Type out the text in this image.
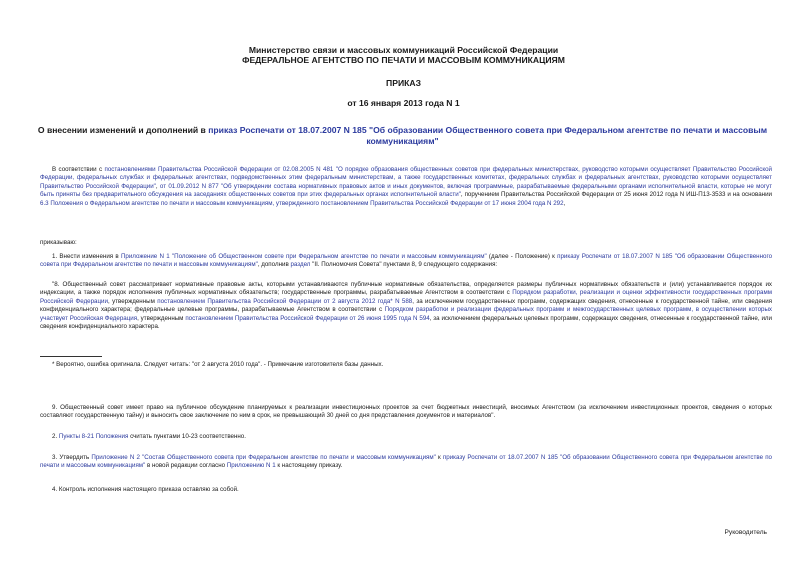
Министерство связи и массовых коммуникаций Российской Федерации
ФЕДЕРАЛЬНОЕ АГЕНТСТВО ПО ПЕЧАТИ И МАССОВЫМ КОММУНИКАЦИЯМ
ПРИКАЗ
от 16 января 2013 года N 1
О внесении изменений и дополнений в приказ Роспечати от 18.07.2007 N 185 "Об образовании Общественного совета при Федеральном агентстве по печати и массовым коммуникациям"
В соответствии с постановлениями Правительства Российской Федерации от 02.08.2005 N 481 "О порядке образования общественных советов при федеральных министерствах, руководство которыми осуществляет Правительство Российской Федерации, федеральных службах и федеральных агентствах, подведомственных этим федеральным министерствам, а также государственных комитетах, федеральных службах и федеральных агентствах, руководство которыми осуществляет Правительство Российской Федерации", от 01.09.2012 N 877 "Об утверждении состава нормативных правовых актов и иных документов, включая программные, разрабатываемые федеральными органами исполнительной власти, которые не могут быть приняты без предварительного обсуждения на заседаниях общественных советов при этих федеральных органах исполнительной власти", поручением Правительства Российской Федерации от 25 июня 2012 года N ИШ-П13-3533 и на основании 6.3 Положения о Федеральном агентстве по печати и массовым коммуникациям, утвержденного постановлением Правительства Российской Федерации от 17 июня 2004 года N 292,
приказываю:
1. Внести изменения в Приложение N 1 "Положение об Общественном совете при Федеральном агентстве по печати и массовым коммуникациям" (далее - Положение) к приказу Роспечати от 18.07.2007 N 185 "Об образовании Общественного совета при Федеральном агентстве по печати и массовым коммуникациям", дополнив раздел "II. Полномочия Совета" пунктами 8, 9 следующего содержания:
"8. Общественный совет рассматривает нормативные правовые акты, которыми устанавливаются публичные нормативные обязательства, определяется размеры публичных нормативных обязательств и (или) устанавливается порядок их индексации, а также порядок исполнения публичных нормативных обязательств; государственные программы, разрабатываемые Агентством в соответствии с Порядком разработки, реализации и оценки эффективности государственных программ Российской Федерации, утвержденным постановлением Правительства Российской Федерации от 2 августа 2012 года* N 588, за исключением государственных программ, содержащих сведения, отнесенные к государственной тайне, или сведения конфиденциального характера; федеральные целевые программы, разрабатываемые Агентством в соответствии с Порядком разработки и реализации федеральных программ и межгосударственных целевых программ, в осуществлении которых участвует Российская Федерация, утвержденным постановлением Правительства Российской Федерации от 26 июня 1995 года N 594, за исключением федеральных целевых программ, содержащих сведения, отнесенные к государственной тайне, или сведения конфиденциального характера.
* Вероятно, ошибка оригинала. Следует читать: "от 2 августа 2010 года". - Примечание изготовителя базы данных.
9. Общественный совет имеет право на публичное обсуждение планируемых к реализации инвестиционных проектов за счет бюджетных инвестиций, вносимых Агентством (за исключением инвестиционных проектов, сведения о которых составляют государственную тайну) и выносить свое заключение по ним в срок, не превышающий 30 дней со дня представления документов и материалов".
2. Пункты 8-21 Положения считать пунктами 10-23 соответственно.
3. Утвердить Приложение N 2 "Состав Общественного совета при Федеральном агентстве по печати и массовым коммуникациям" к приказу Роспечати от 18.07.2007 N 185 "Об образовании Общественного совета при Федеральном агентстве по печати и массовым коммуникациям" в новой редакции согласно Приложению N 1 к настоящему приказу.
4. Контроль исполнения настоящего приказа оставляю за собой.
Руководитель
